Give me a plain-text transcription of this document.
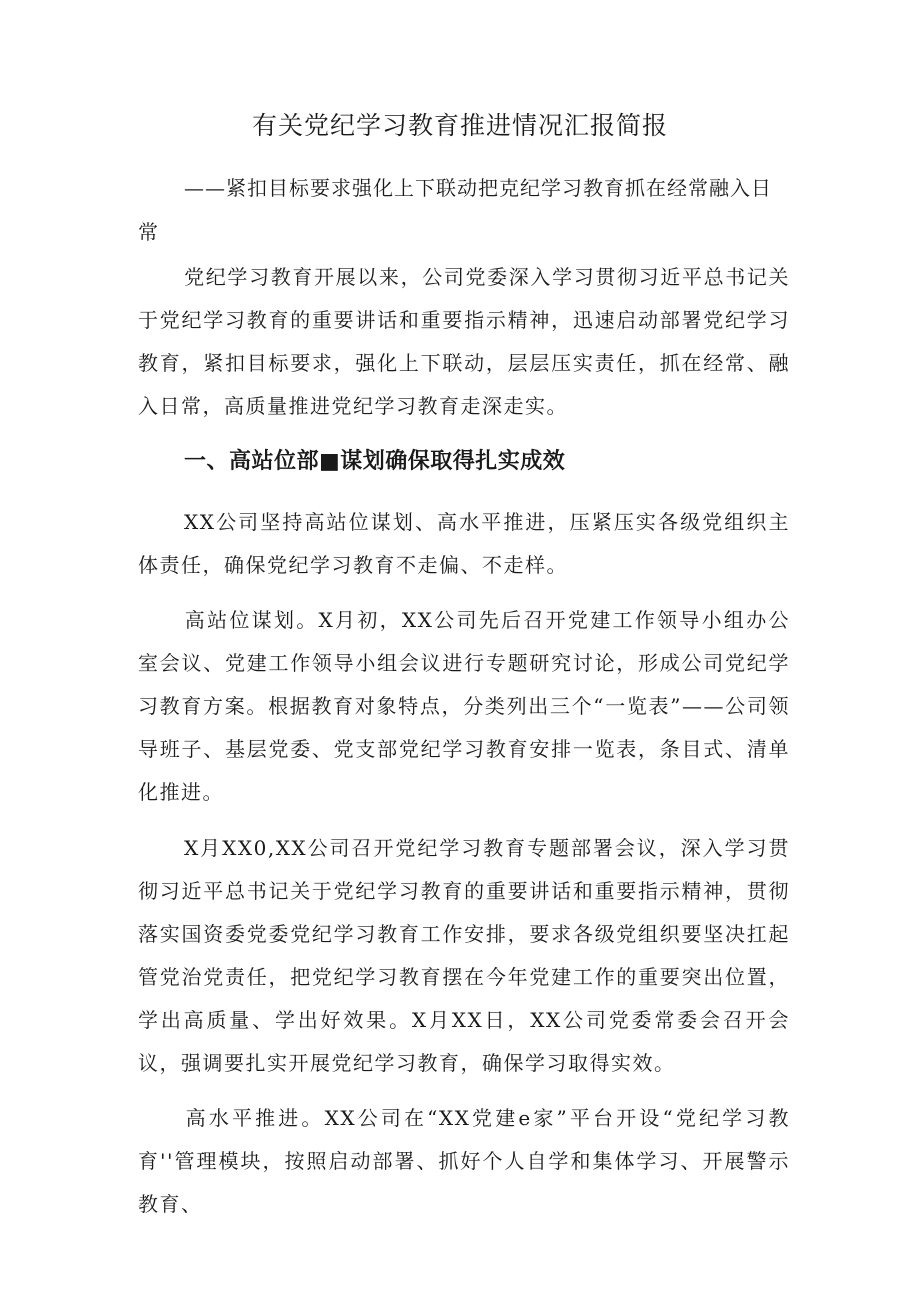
有关党纪学习教育推进情况汇报简报

——紧扣目标要求强化上下联动把克纪学习教育抓在经常融入日常

党纪学习教育开展以来，公司党委深入学习贯彻习近平总书记关于党纪学习教育的重要讲话和重要指示精神，迅速启动部署党纪学习教育，紧扣目标要求，强化上下联动，层层压实责任，抓在经常、融入日常，高质量推进党纪学习教育走深走实。

一、高站位部■谋划确保取得扎实成效

XX公司坚持高站位谋划、高水平推进，压紧压实各级党组织主体责任，确保党纪学习教育不走偏、不走样。

高站位谋划。X月初，XX公司先后召开党建工作领导小组办公室会议、党建工作领导小组会议进行专题研究讨论，形成公司党纪学习教育方案。根据教育对象特点，分类列出三个“一览表”——公司领导班子、基层党委、党支部党纪学习教育安排一览表，条目式、清单化推进。

X月XX0,XX公司召开党纪学习教育专题部署会议，深入学习贯彻习近平总书记关于党纪学习教育的重要讲话和重要指示精神，贯彻落实国资委党委党纪学习教育工作安排，要求各级党组织要坚决扛起管党治党责任，把党纪学习教育摆在今年党建工作的重要突出位置，学出高质量、学出好效果。X月XX日，XX公司党委常委会召开会议，强调要扎实开展党纪学习教育，确保学习取得实效。

高水平推进。XX公司在“XX党建e家”平台开设“党纪学习教育''管理模块，按照启动部署、抓好个人自学和集体学习、开展警示教育、
